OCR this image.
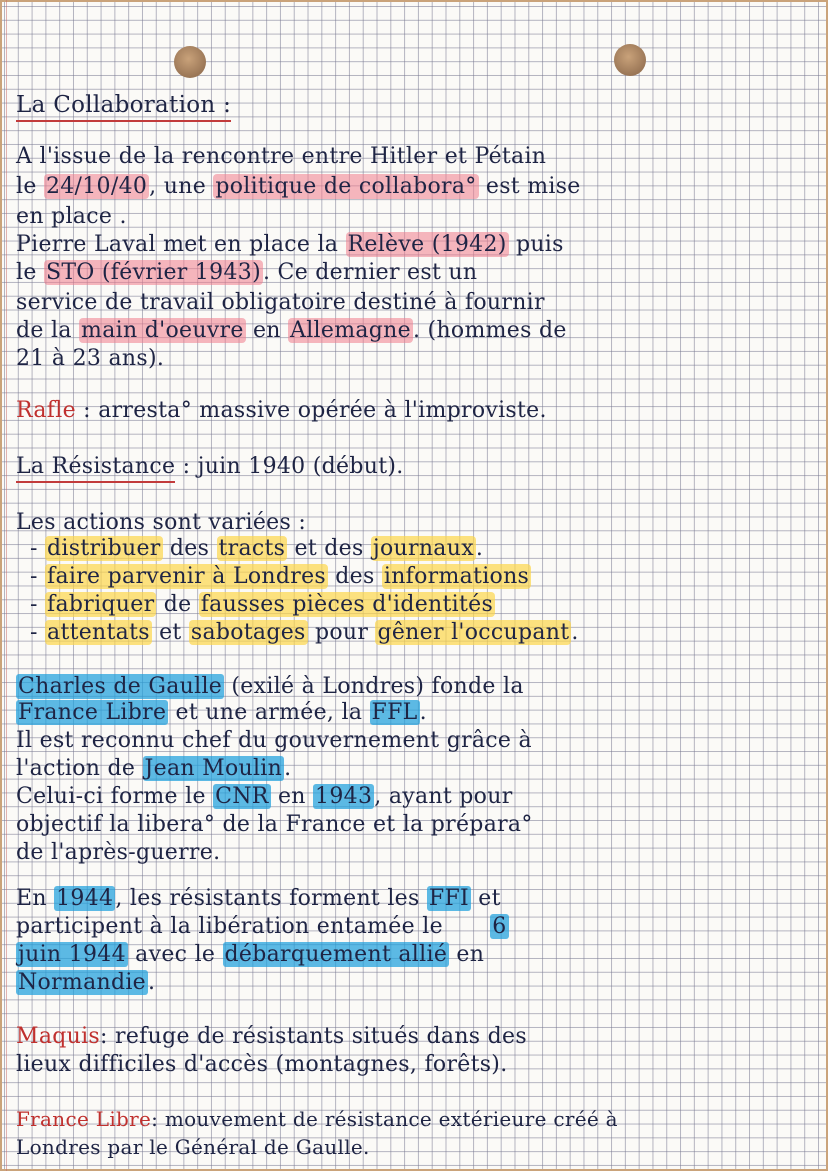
La Collaboration :
A l'issue de la rencontre entre Hitler et Pétain
le 24/10/40, une politique de collabora° est mise
en place .
Pierre Laval met en place la Relève (1942) puis
le STO (février 1943). Ce dernier est un
service de travail obligatoire destiné à fournir
de la main d'oeuvre en Allemagne. (hommes de
21 à 23 ans).
Rafle : arresta° massive opérée à l'improviste.
La Résistance : juin 1940 (début).
Les actions sont variées :
- distribuer des tracts et des journaux.
- faire parvenir à Londres des informations
- fabriquer de fausses pièces d'identités
- attentats et sabotages pour gêner l'occupant.
Charles de Gaulle (exilé à Londres) fonde la
France Libre et une armée, la FFL.
Il est reconnu chef du gouvernement grâce à
l'action de Jean Moulin.
Celui-ci forme le CNR en 1943, ayant pour
objectif la libera° de la France et la prépara°
de l'après-guerre.
En 1944, les résistants forment les FFI et
participent à la libération entamée le 6
juin 1944 avec le débarquement allié en
Normandie.
Maquis: refuge de résistants situés dans des
lieux difficiles d'accès (montagnes, forêts).
France Libre: mouvement de résistance extérieure créé à
Londres par le Général de Gaulle.
